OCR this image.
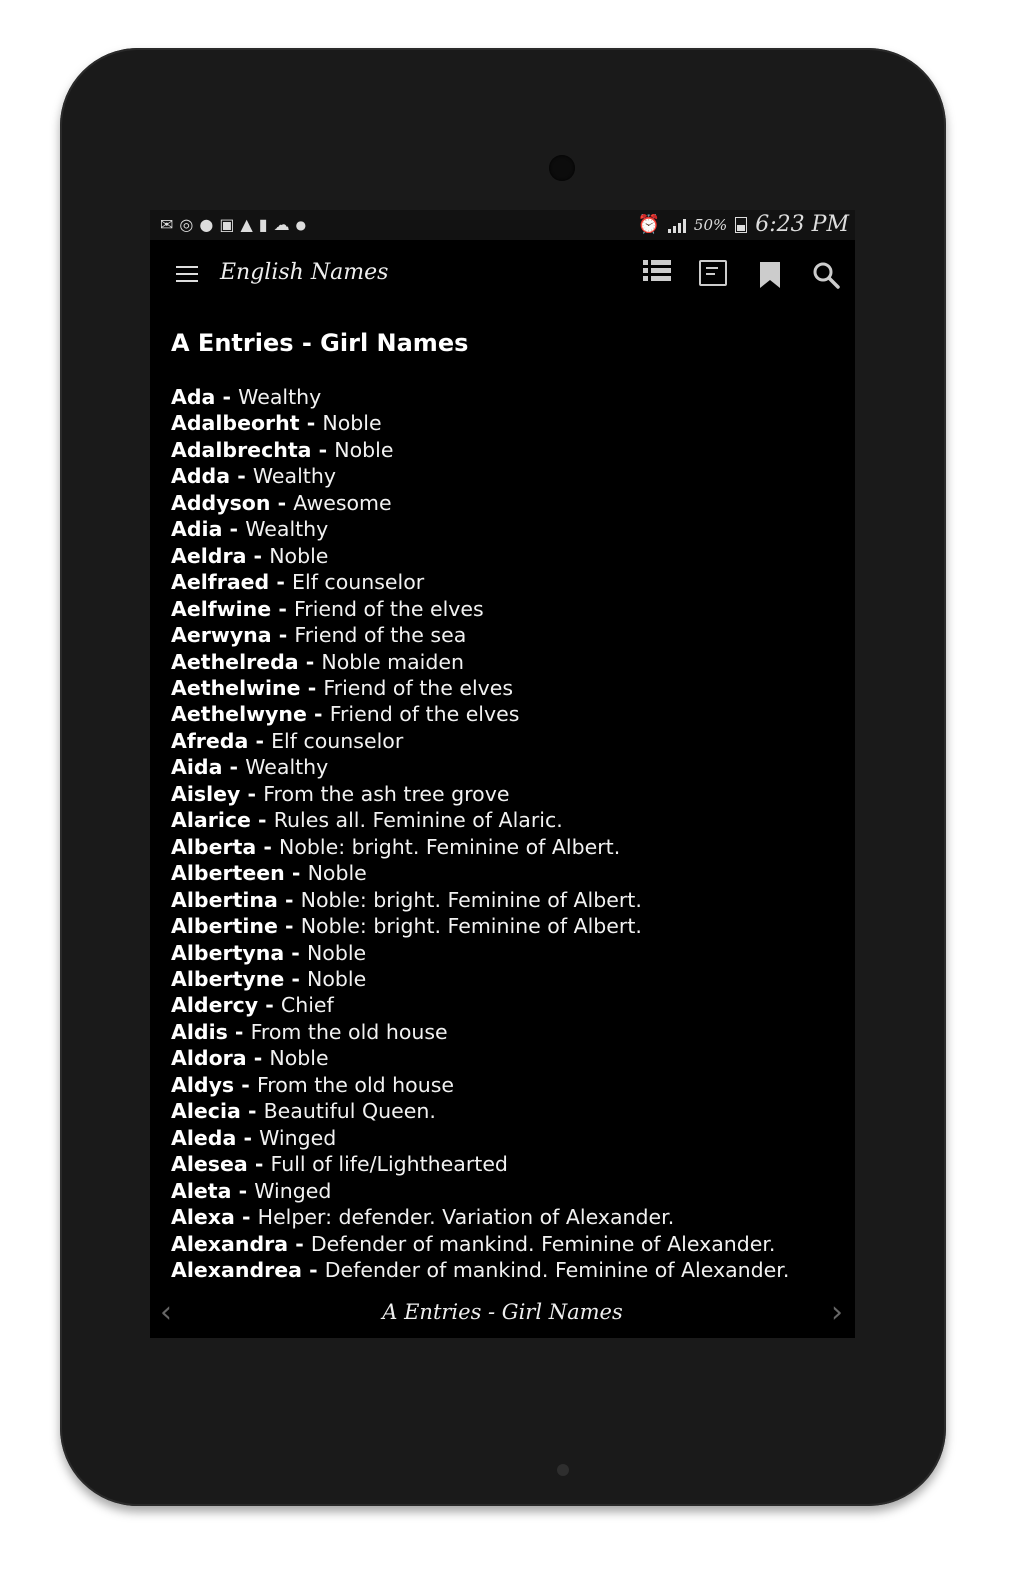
✉ ◎ ● ▣ ▲ ▮ ☁ ●	⏰ 50% 6:23 PM
English Names
A Entries - Girl Names
Ada - Wealthy
Adalbeorht - Noble
Adalbrechta - Noble
Adda - Wealthy
Addyson - Awesome
Adia - Wealthy
Aeldra - Noble
Aelfraed - Elf counselor
Aelfwine - Friend of the elves
Aerwyna - Friend of the sea
Aethelreda - Noble maiden
Aethelwine - Friend of the elves
Aethelwyne - Friend of the elves
Afreda - Elf counselor
Aida - Wealthy
Aisley - From the ash tree grove
Alarice - Rules all. Feminine of Alaric.
Alberta - Noble: bright. Feminine of Albert.
Alberteen - Noble
Albertina - Noble: bright. Feminine of Albert.
Albertine - Noble: bright. Feminine of Albert.
Albertyna - Noble
Albertyne - Noble
Aldercy - Chief
Aldis - From the old house
Aldora - Noble
Aldys - From the old house
Alecia - Beautiful Queen.
Aleda - Winged
Alesea - Full of life/Lighthearted
Aleta - Winged
Alexa - Helper: defender. Variation of Alexander.
Alexandra - Defender of mankind. Feminine of Alexander.
Alexandrea - Defender of mankind. Feminine of Alexander.
‹	A Entries - Girl Names	›
